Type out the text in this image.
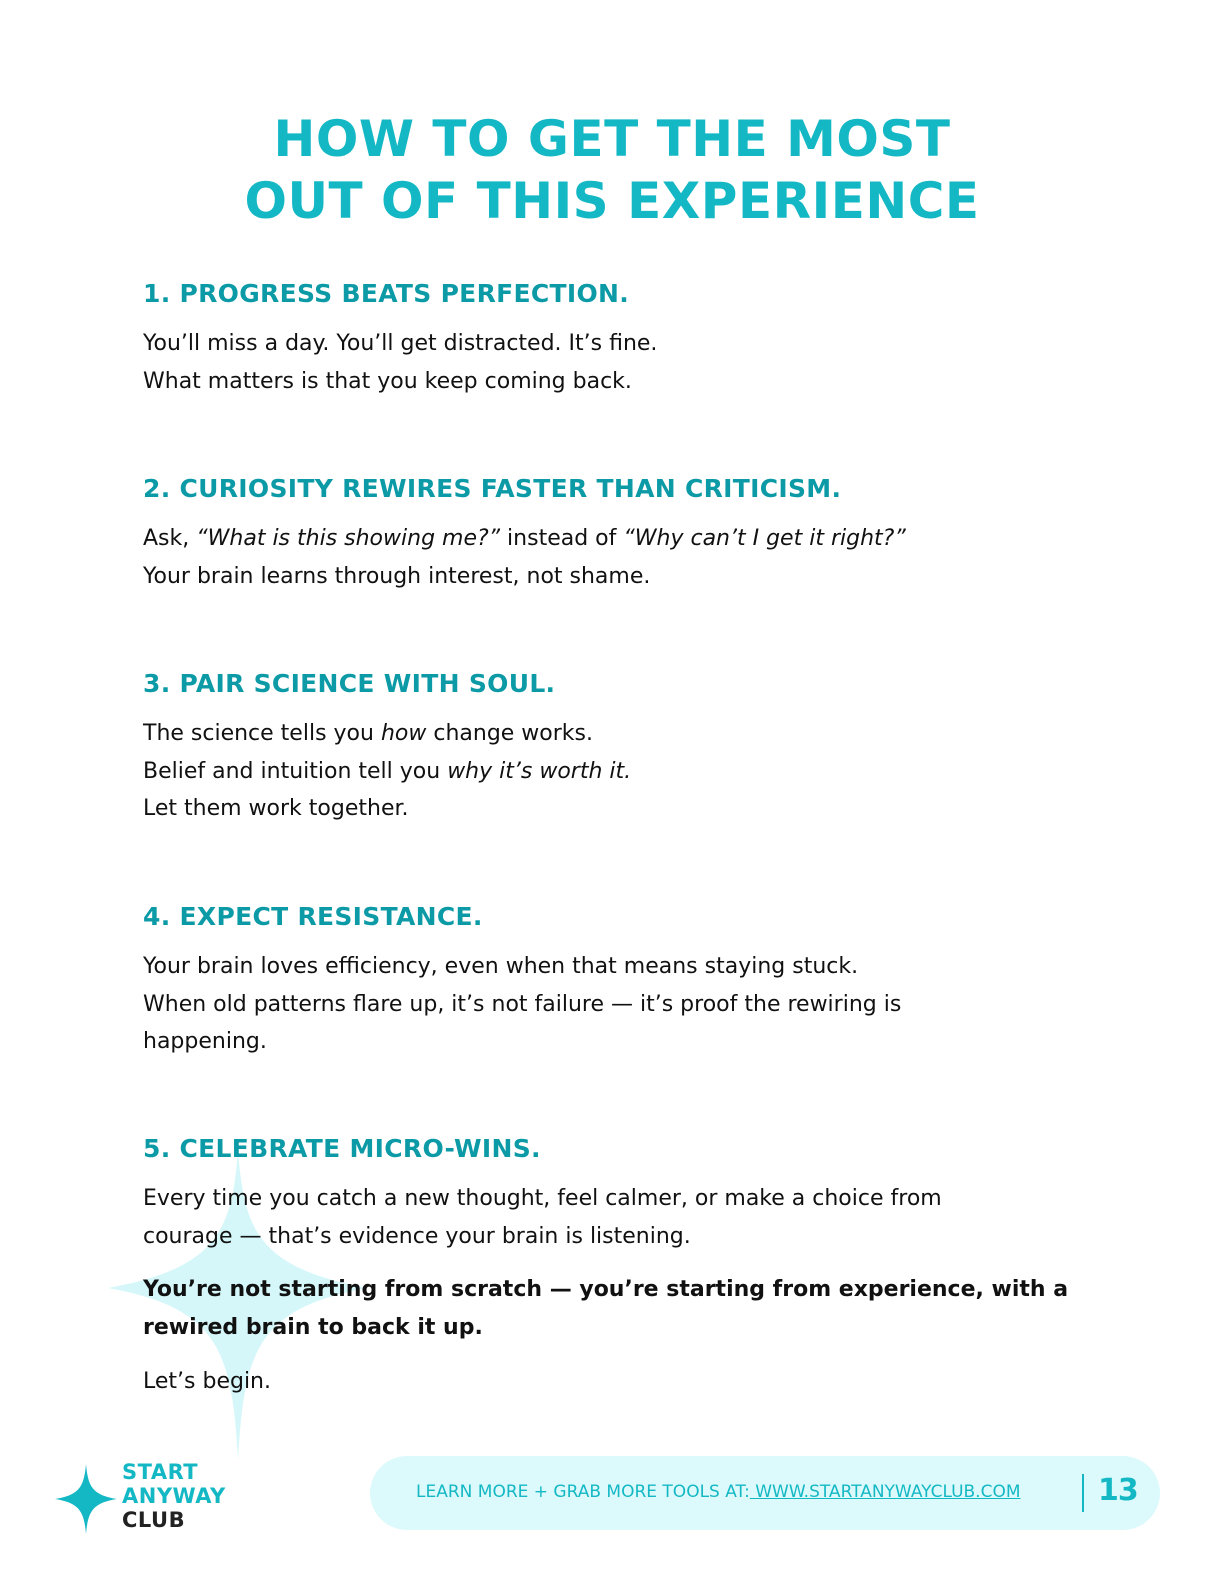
HOW TO GET THE MOST
OUT OF THIS EXPERIENCE
1. PROGRESS BEATS PERFECTION.

You’ll miss a day. You’ll get distracted. It’s fine.

What matters is that you keep coming back.

2. CURIOSITY REWIRES FASTER THAN CRITICISM.

Ask, “What is this showing me?” instead of “Why can’t I get it right?”

Your brain learns through interest, not shame.

3. PAIR SCIENCE WITH SOUL.

The science tells you how change works.

Belief and intuition tell you why it’s worth it.

Let them work together.

4. EXPECT RESISTANCE.

Your brain loves efficiency, even when that means staying stuck.

When old patterns flare up, it’s not failure — it’s proof the rewiring is

happening.

5. CELEBRATE MICRO-WINS.

Every time you catch a new thought, feel calmer, or make a choice from

courage — that’s evidence your brain is listening.

You’re not starting from scratch — you’re starting from experience, with a

rewired brain to back it up.

Let’s begin.

START
ANYWAY
CLUB
LEARN MORE + GRAB MORE TOOLS AT: WWW.STARTANYWAYCLUB.COM	13
